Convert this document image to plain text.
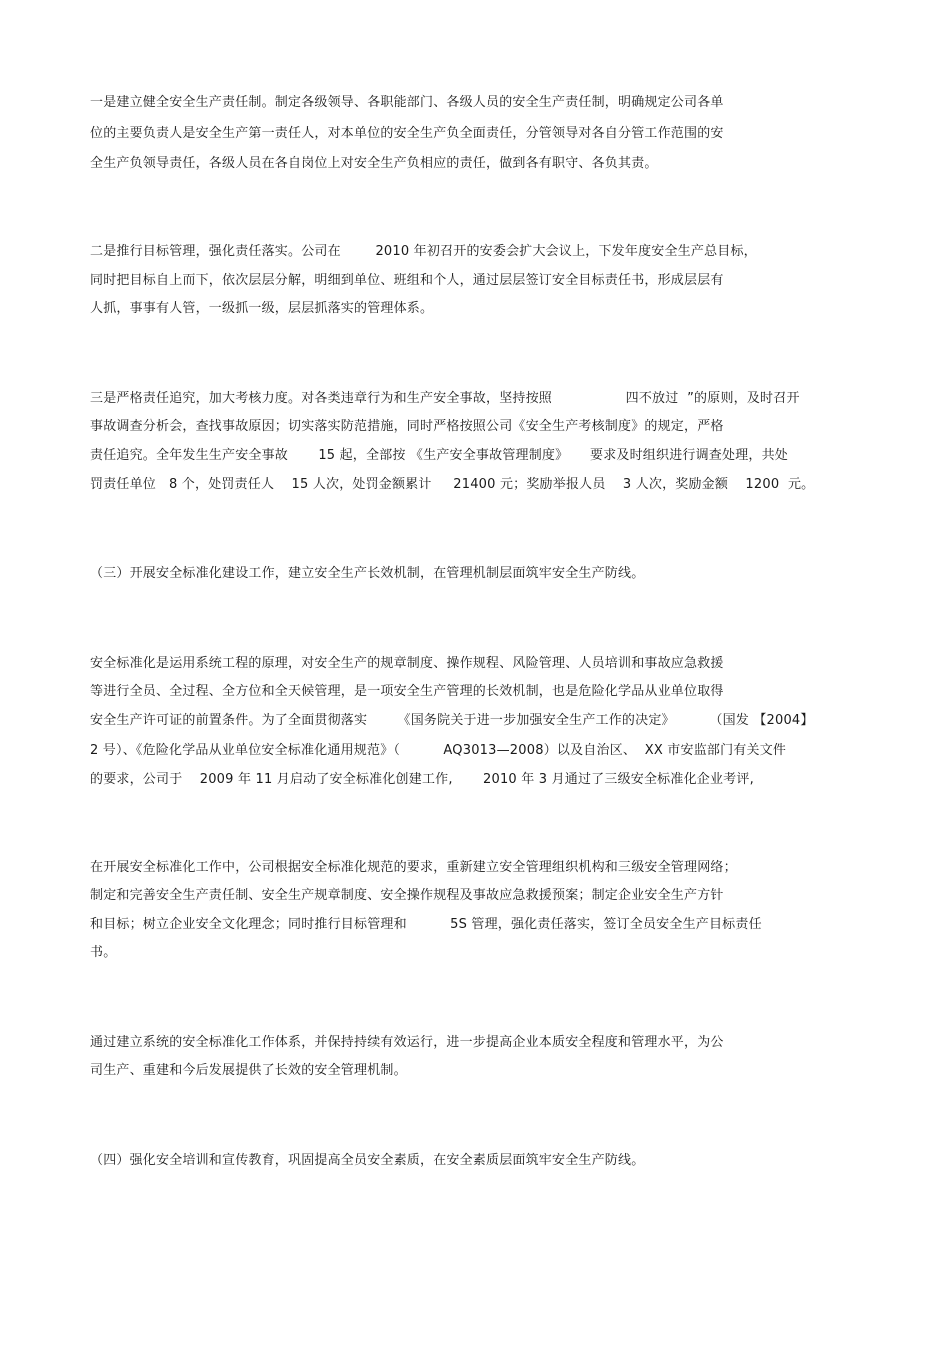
一是建立健全安全生产责任制。制定各级领导、各职能部门、各级人员的安全生产责任制，明确规定公司各单
位的主要负责人是安全生产第一责任人，对本单位的安全生产负全面责任，分管领导对各自分管工作范围的安
全生产负领导责任，各级人员在各自岗位上对安全生产负相应的责任，做到各有职守、各负其责。
二是推行目标管理，强化责任落实。公司在        2010 年初召开的安委会扩大会议上，下发年度安全生产总目标，
同时把目标自上而下，依次层层分解，明细到单位、班组和个人，通过层层签订安全目标责任书，形成层层有
人抓，事事有人管，一级抓一级，层层抓落实的管理体系。
三是严格责任追究，加大考核力度。对各类违章行为和生产安全事故，坚持按照                 四不放过  ”的原则，及时召开
事故调查分析会，查找事故原因；切实落实防范措施，同时严格按照公司《安全生产考核制度》的规定，严格
责任追究。全年发生生产安全事故       15 起，全部按 《生产安全事故管理制度》     要求及时组织进行调查处理，共处
罚责任单位   8 个，处罚责任人    15 人次，处罚金额累计     21400 元；奖励举报人员    3 人次，奖励金额    1200  元。
（三）开展安全标准化建设工作，建立安全生产长效机制，在管理机制层面筑牢安全生产防线。
安全标准化是运用系统工程的原理，对安全生产的规章制度、操作规程、风险管理、人员培训和事故应急救援
等进行全员、全过程、全方位和全天候管理，是一项安全生产管理的长效机制，也是危险化学品从业单位取得
安全生产许可证的前置条件。为了全面贯彻落实       《国务院关于进一步加强安全生产工作的决定》        （国发 【2004】
2 号）、《危险化学品从业单位安全标准化通用规范》（          AQ3013—2008）以及自治区、  XX 市安监部门有关文件
的要求，公司于    2009 年 11 月启动了安全标准化创建工作,       2010 年 3 月通过了三级安全标准化企业考评,
在开展安全标准化工作中，公司根据安全标准化规范的要求，重新建立安全管理组织机构和三级安全管理网络；
制定和完善安全生产责任制、安全生产规章制度、安全操作规程及事故应急救援预案；制定企业安全生产方针
和目标；树立企业安全文化理念；同时推行目标管理和          5S 管理，强化责任落实，签订全员安全生产目标责任
书。
通过建立系统的安全标准化工作体系，并保持持续有效运行，进一步提高企业本质安全程度和管理水平，为公
司生产、重建和今后发展提供了长效的安全管理机制。
（四）强化安全培训和宣传教育，巩固提高全员安全素质，在安全素质层面筑牢安全生产防线。
